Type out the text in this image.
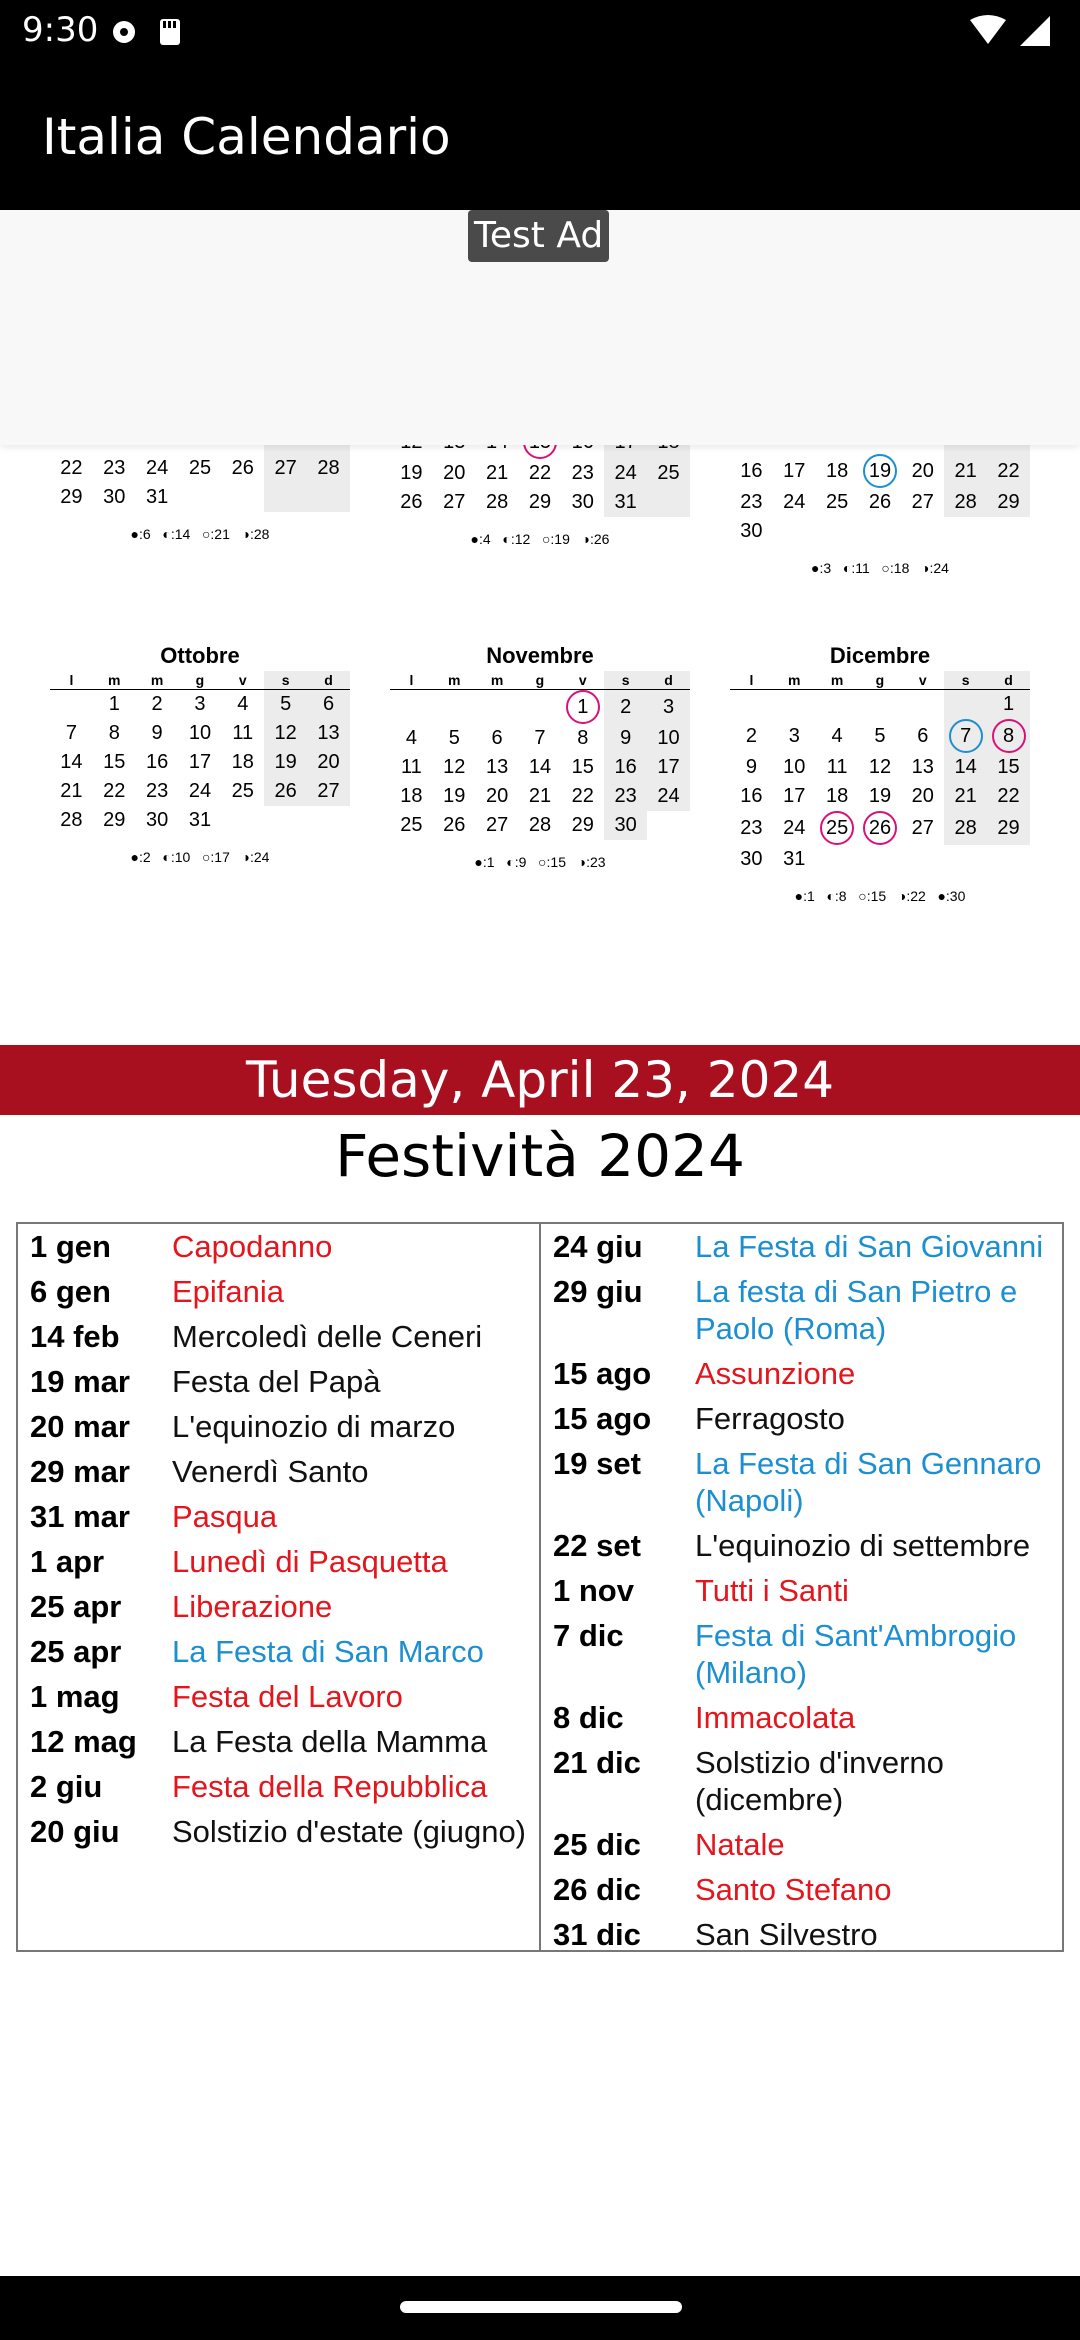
9:30
Italia Calendario
Test Ad

22	23	24	25	26	27	28
29	30	31				
●:6   ◐:14   ○:21   ◑:28

19	20	21	22	23	24	25
26	27	28	29	30	31	
●:4   ◐:12   ○:19   ◑:26

16	17	18	19	20	21	22
23	24	25	26	27	28	29
30						
●:3   ◐:11   ○:18   ◑:24
Ottobre
l	m	m	g	v	s	d
	1	2	3	4	5	6
7	8	9	10	11	12	13
14	15	16	17	18	19	20
21	22	23	24	25	26	27
28	29	30	31			
●:2   ◐:10   ○:17   ◑:24
Novembre
l	m	m	g	v	s	d
				1	2	3
4	5	6	7	8	9	10
11	12	13	14	15	16	17
18	19	20	21	22	23	24
25	26	27	28	29	30	
●:1   ◐:9   ○:15   ◑:23
Dicembre
l	m	m	g	v	s	d
						1
2	3	4	5	6	7	8
9	10	11	12	13	14	15
16	17	18	19	20	21	22
23	24	25	26	27	28	29
30	31					
●:1   ◐:8   ○:15   ◑:22   ●:30
Tuesday, April 23, 2024
Festività 2024
1 gen	Capodanno
6 gen	Epifania
14 feb	Mercoledì delle Ceneri
19 mar	Festa del Papà
20 mar	L'equinozio di marzo
29 mar	Venerdì Santo
31 mar	Pasqua
1 apr	Lunedì di Pasquetta
25 apr	Liberazione
25 apr	La Festa di San Marco
1 mag	Festa del Lavoro
12 mag	La Festa della Mamma
2 giu	Festa della Repubblica
20 giu	Solstizio d'estate (giugno)
24 giu	La Festa di San Giovanni
29 giu	La festa di San Pietro e Paolo (Roma)
15 ago	Assunzione
15 ago	Ferragosto
19 set	La Festa di San Gennaro (Napoli)
22 set	L'equinozio di settembre
1 nov	Tutti i Santi
7 dic	Festa di Sant'Ambrogio (Milano)
8 dic	Immacolata
21 dic	Solstizio d'inverno (dicembre)
25 dic	Natale
26 dic	Santo Stefano
31 dic	San Silvestro
